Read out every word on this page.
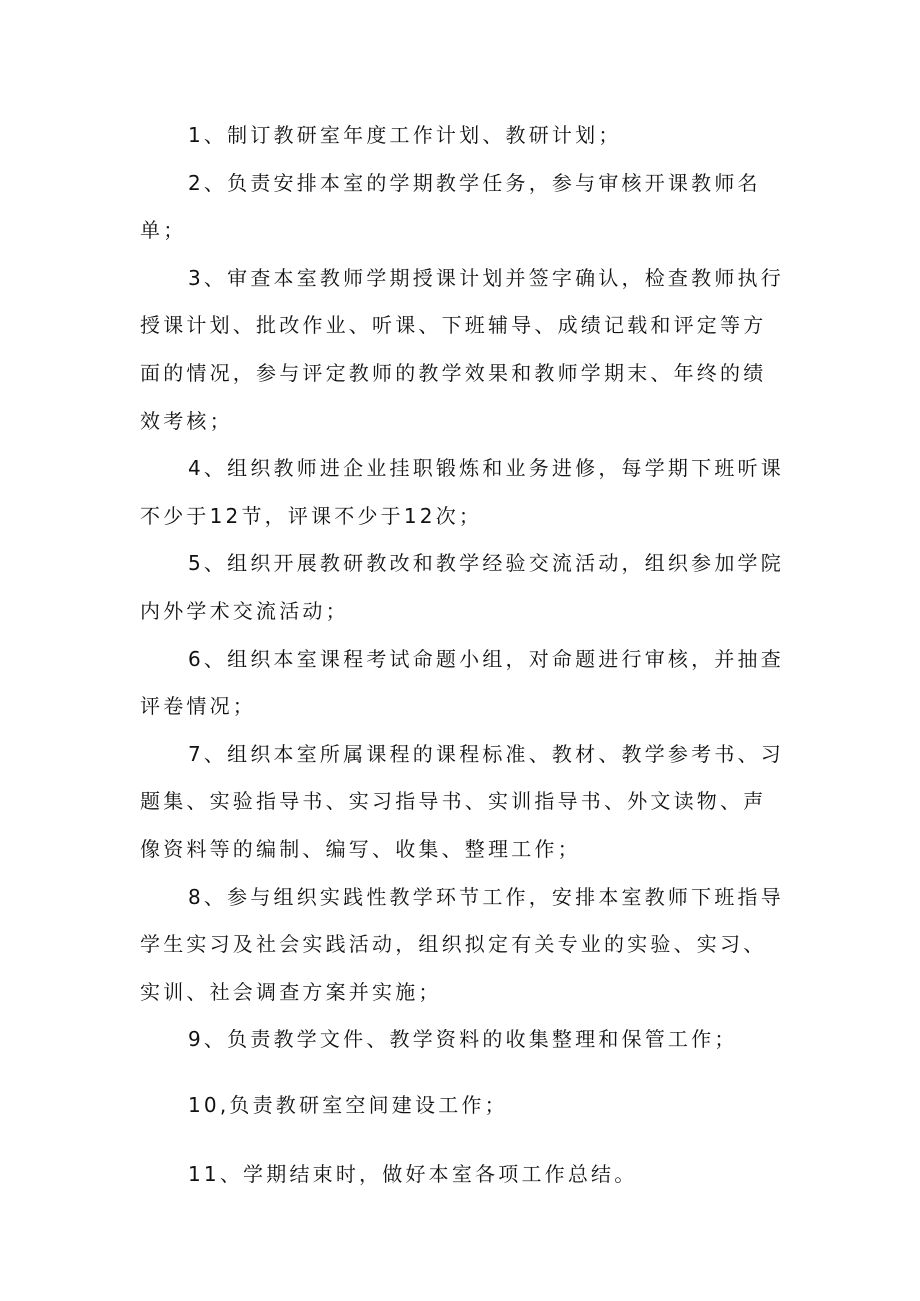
1、制订教研室年度工作计划、教研计划；

2、负责安排本室的学期教学任务，参与审核开课教师名单；

3、审查本室教师学期授课计划并签字确认，检查教师执行授课计划、批改作业、听课、下班辅导、成绩记载和评定等方面的情况，参与评定教师的教学效果和教师学期末、年终的绩效考核；

4、组织教师进企业挂职锻炼和业务进修，每学期下班听课不少于12节，评课不少于12次；

5、组织开展教研教改和教学经验交流活动，组织参加学院内外学术交流活动；

6、组织本室课程考试命题小组，对命题进行审核，并抽查评卷情况；

7、组织本室所属课程的课程标准、教材、教学参考书、习题集、实验指导书、实习指导书、实训指导书、外文读物、声像资料等的编制、编写、收集、整理工作；

8、参与组织实践性教学环节工作，安排本室教师下班指导学生实习及社会实践活动，组织拟定有关专业的实验、实习、实训、社会调查方案并实施；

9、负责教学文件、教学资料的收集整理和保管工作；

10,负责教研室空间建设工作；

11、学期结束时，做好本室各项工作总结。
